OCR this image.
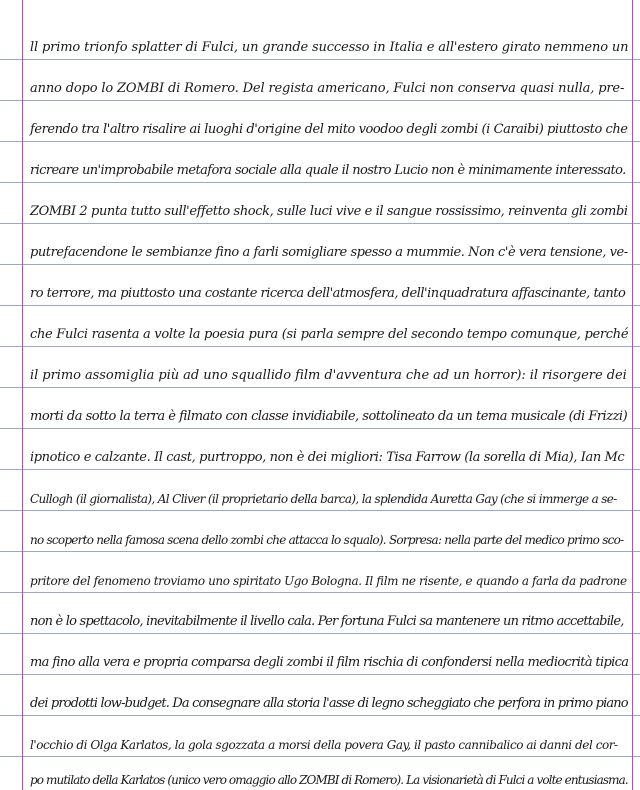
ll primo trionfo splatter di Fulci, un grande successo in Italia e all'estero girato nemmeno un
anno dopo lo ZOMBI di Romero. Del regista americano, Fulci non conserva quasi nulla, pre-
ferendo tra l'altro risalire ai luoghi d'origine del mito voodoo degli zombi (i Caraibi) piuttosto che
ricreare un'improbabile metafora sociale alla quale il nostro Lucio non è minimamente interessato.
ZOMBI 2 punta tutto sull'effetto shock, sulle luci vive e il sangue rossissimo, reinventa gli zombi
putrefacendone le sembianze fino a farli somigliare spesso a mummie. Non c'è vera tensione, ve-
ro terrore, ma piuttosto una costante ricerca dell'atmosfera, dell'inquadratura affascinante, tanto
che Fulci rasenta a volte la poesia pura (si parla sempre del secondo tempo comunque, perché
il primo assomiglia più ad uno squallido film d'avventura che ad un horror): il risorgere dei
morti da sotto la terra è filmato con classe invidiabile, sottolineato da un tema musicale (di Frizzi)
ipnotico e calzante. Il cast, purtroppo, non è dei migliori: Tisa Farrow (la sorella di Mia), Ian Mc
Cullogh (il giornalista), Al Cliver (il proprietario della barca), la splendida Auretta Gay (che si immerge a se-
no scoperto nella famosa scena dello zombi che attacca lo squalo). Sorpresa: nella parte del medico primo sco-
pritore del fenomeno troviamo uno spiritato Ugo Bologna. Il film ne risente, e quando a farla da padrone
non è lo spettacolo, inevitabilmente il livello cala. Per fortuna Fulci sa mantenere un ritmo accettabile,
ma fino alla vera e propria comparsa degli zombi il film rischia di confondersi nella mediocrità tipica
dei prodotti low-budget. Da consegnare alla storia l'asse di legno scheggiato che perfora in primo piano
l'occhio di Olga Karlatos, la gola sgozzata a morsi della povera Gay, il pasto cannibalico ai danni del cor-
po mutilato della Karlatos (unico vero omaggio allo ZOMBI di Romero). La visionarietà di Fulci a volte entusiasma.
